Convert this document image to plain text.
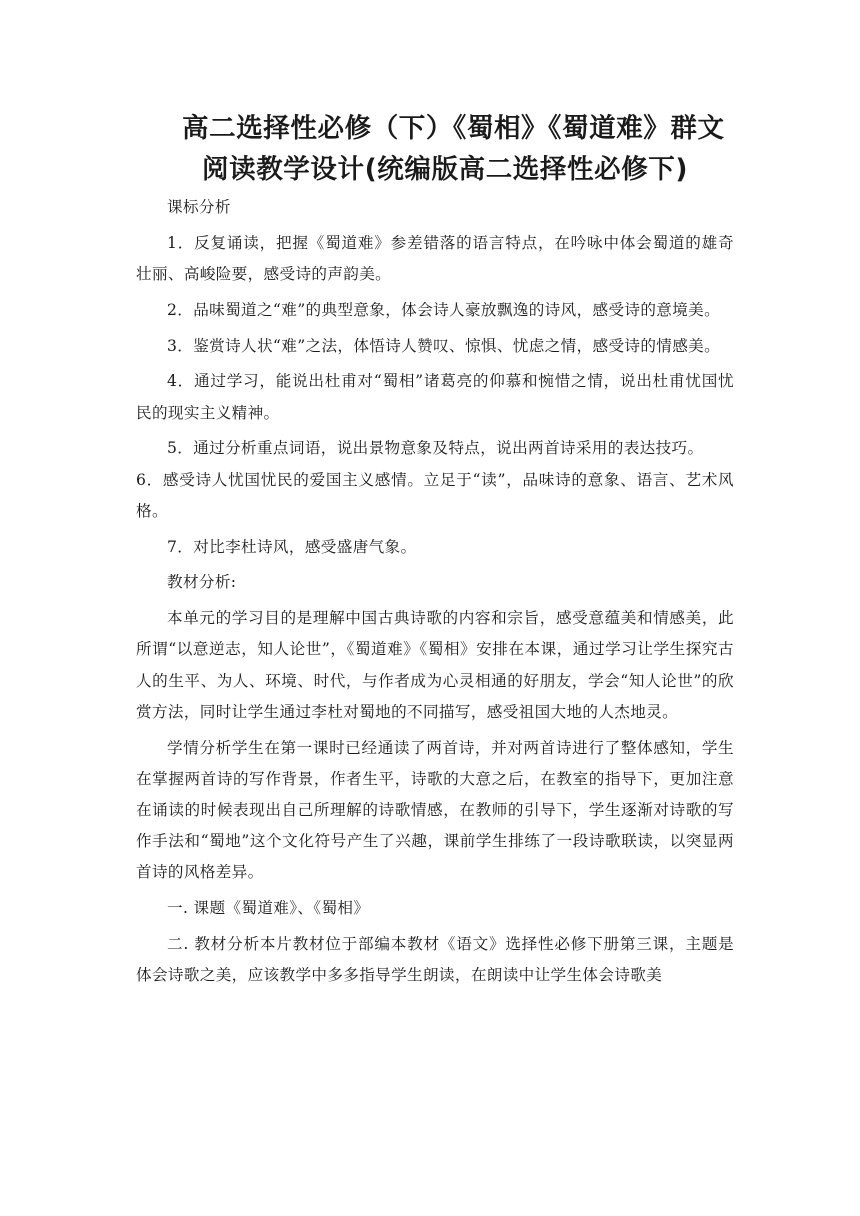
高二选择性必修（下）《蜀相》《蜀道难》群文
阅读教学设计(统编版高二选择性必修下)

课标分析

1．反复诵读，把握《蜀道难》参差错落的语言特点，在吟咏中体会蜀道的雄奇壮丽、高峻险要，感受诗的声韵美。

2．品味蜀道之“难”的典型意象，体会诗人豪放飘逸的诗风，感受诗的意境美。

3．鉴赏诗人状“难”之法，体悟诗人赞叹、惊惧、忧虑之情，感受诗的情感美。

4．通过学习，能说出杜甫对“蜀相”诸葛亮的仰慕和惋惜之情，说出杜甫忧国忧民的现实主义精神。

5．通过分析重点词语，说出景物意象及特点，说出两首诗采用的表达技巧。

6．感受诗人忧国忧民的爱国主义感情。立足于“读”，品味诗的意象、语言、艺术风格。

7．对比李杜诗风，感受盛唐气象。

教材分析:

本单元的学习目的是理解中国古典诗歌的内容和宗旨，感受意蕴美和情感美，此所谓“以意逆志，知人论世”，《蜀道难》《蜀相》安排在本课，通过学习让学生探究古人的生平、为人、环境、时代，与作者成为心灵相通的好朋友，学会“知人论世”的欣赏方法，同时让学生通过李杜对蜀地的不同描写，感受祖国大地的人杰地灵。

学情分析学生在第一课时已经通读了两首诗，并对两首诗进行了整体感知，学生在掌握两首诗的写作背景，作者生平，诗歌的大意之后，在教室的指导下，更加注意在诵读的时候表现出自己所理解的诗歌情感，在教师的引导下，学生逐渐对诗歌的写作手法和“蜀地”这个文化符号产生了兴趣，课前学生排练了一段诗歌联读，以突显两首诗的风格差异。

一. 课题《蜀道难》、《蜀相》

二. 教材分析本片教材位于部编本教材《语文》选择性必修下册第三课，主题是体会诗歌之美，应该教学中多多指导学生朗读，在朗读中让学生体会诗歌美
